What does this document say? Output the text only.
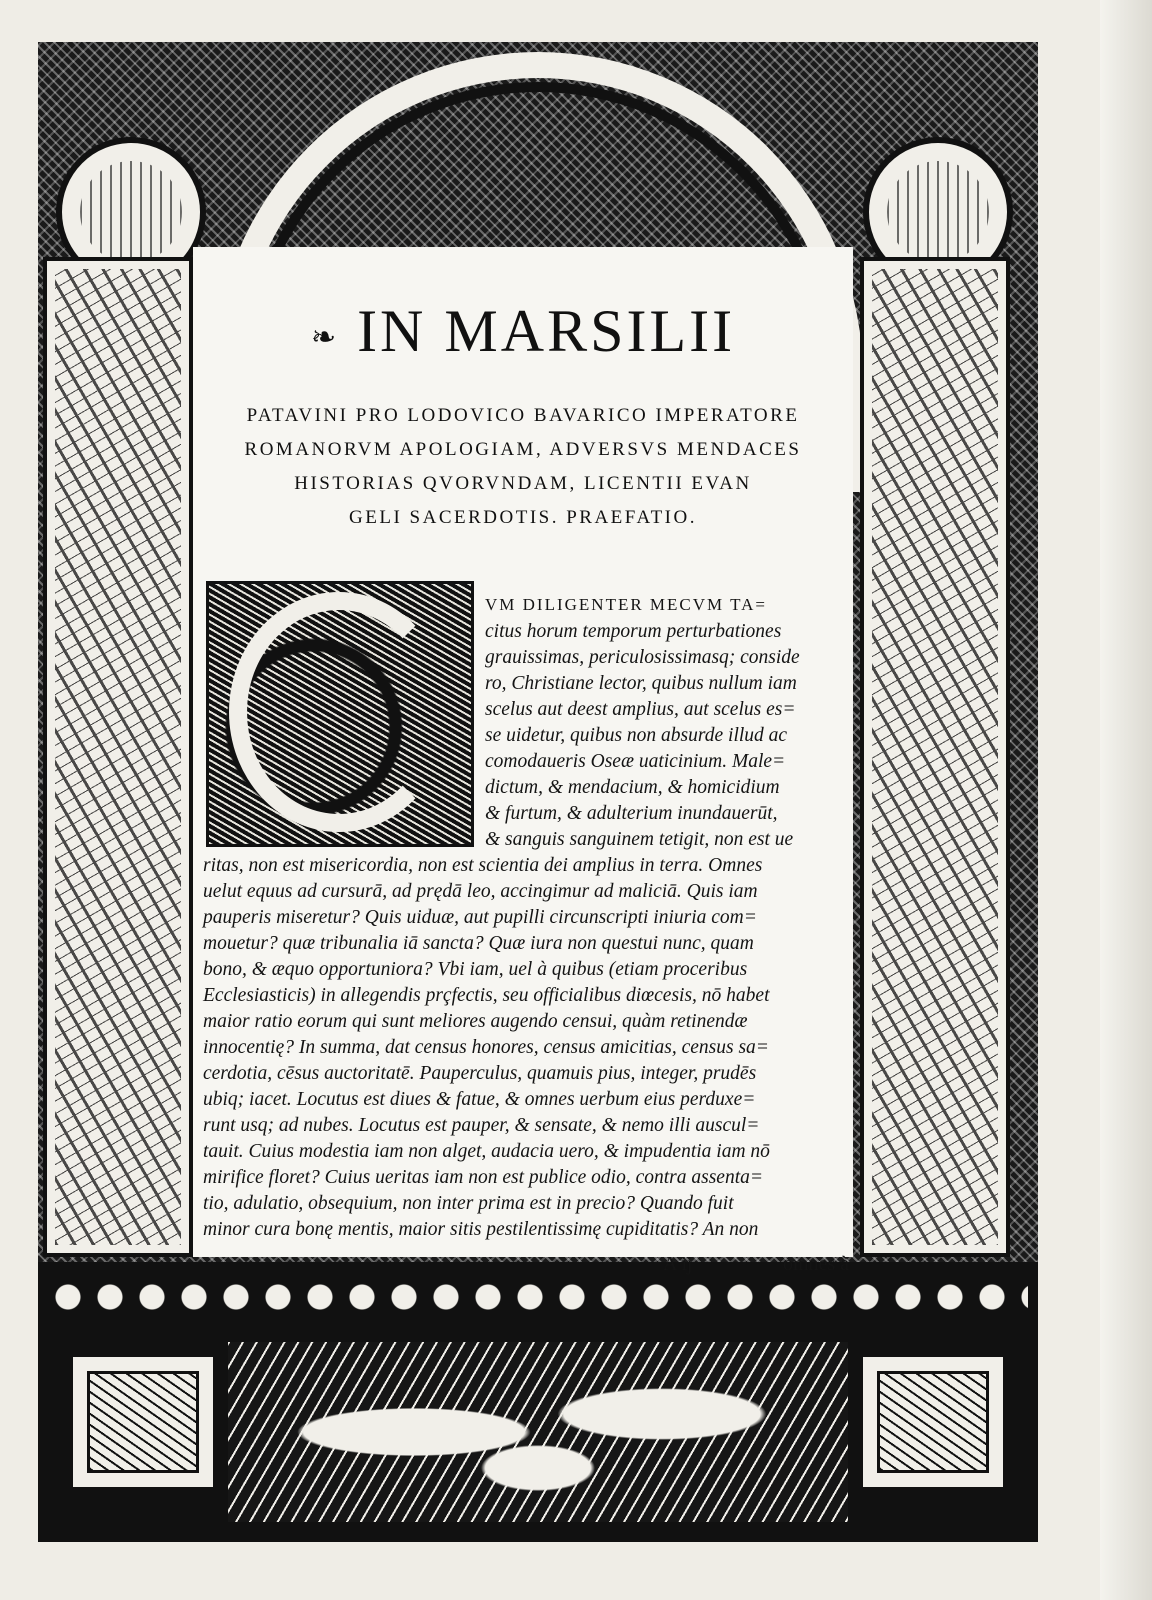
❧ IN MARSILII
PATAVINI PRO LODOVICO BAVARICO IMPERATORE
ROMANORVM APOLOGIAM, ADVERSVS MENDACES
HISTORIAS QVORVNDAM, LICENTII EVAN
GELI SACERDOTIS. PRAEFATIO.
VM DILIGENTER MECVM TA=
citus horum temporum perturbationes
grauissimas, periculosissimasq; conside
ro, Christiane lector, quibus nullum iam
scelus aut deest amplius, aut scelus es=
se uidetur, quibus non absurde illud ac
comodaueris Oseæ uaticinium. Male=
dictum, & mendacium, & homicidium
& furtum, & adulterium inundauerūt,
& sanguis sanguinem tetigit, non est ue
ritas, non est misericordia, non est scientia dei amplius in terra. Omnes
uelut equus ad cursurā, ad prędā leo, accingimur ad maliciā. Quis iam
pauperis miseretur? Quis uiduæ, aut pupilli circunscripti iniuria com=
mouetur? quæ tribunalia iā sancta? Quæ iura non questui nunc, quam
bono, & æquo opportuniora? Vbi iam, uel à quibus (etiam proceribus
Ecclesiasticis) in allegendis prçfectis, seu officialibus diœcesis, nō habet
maior ratio eorum qui sunt meliores augendo censui, quàm retinendæ
innocentię? In summa, dat census honores, census amicitias, census sa=
cerdotia, cēsus auctoritatē. Pauperculus, quamuis pius, integer, prudēs
ubiq; iacet. Locutus est diues & fatue, & omnes uerbum eius perduxe=
runt usq; ad nubes. Locutus est pauper, & sensate, & nemo illi auscul=
tauit. Cuius modestia iam non alget, audacia uero, & impudentia iam nō
mirifice floret? Cuius ueritas iam non est publice odio, contra assenta=
tio, adulatio, obsequium, non inter prima est in precio? Quando fuit
minor cura bonę mentis, maior sitis pestilentissimę cupiditatis? An non
A ij	omnes à
